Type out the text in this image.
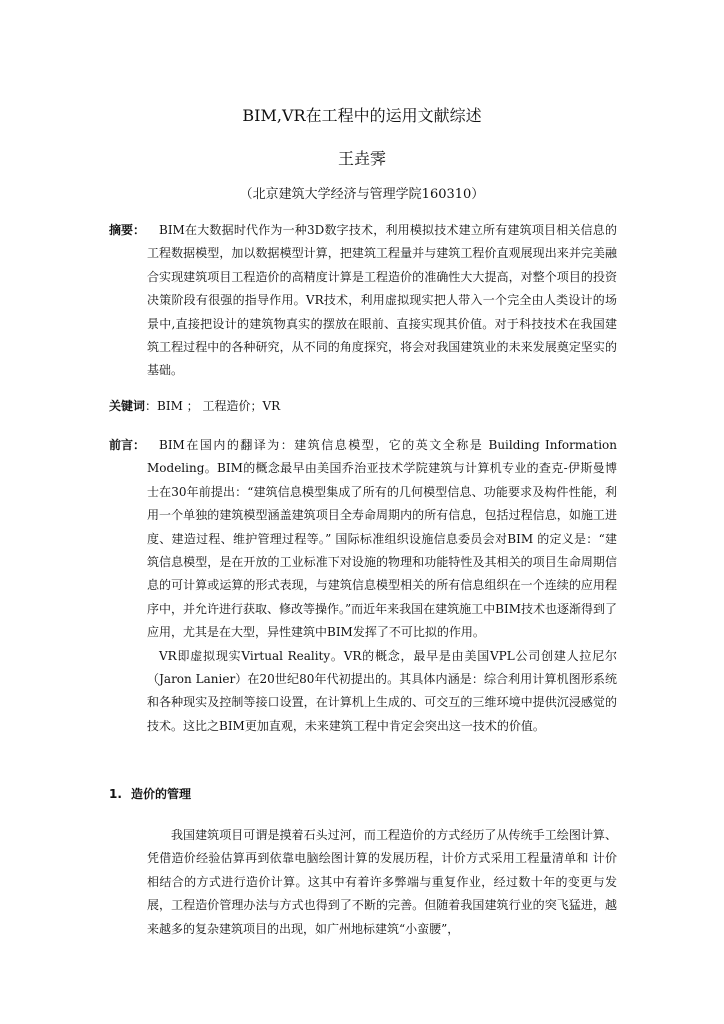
BIM,VR在工程中的运用文献综述
王垚霁
（北京建筑大学经济与管理学院160310）
摘要：	BIM在大数据时代作为一种3D数字技术，利用模拟技术建立所有建筑项目相关信息的工程数据模型，加以数据模型计算，把建筑工程量并与建筑工程价直观展现出来并完美融合实现建筑项目工程造价的高精度计算是工程造价的准确性大大提高，对整个项目的投资决策阶段有很强的指导作用。VR技术，利用虚拟现实把人带入一个完全由人类设计的场景中,直接把设计的建筑物真实的摆放在眼前、直接实现其价值。对于科技技术在我国建筑工程过程中的各种研究，从不同的角度探究，将会对我国建筑业的未来发展奠定坚实的基础。

关键词：BIM ； 工程造价；VR
前言：	BIM在国内的翻译为：建筑信息模型，它的英文全称是 Building Information Modeling。BIM的概念最早由美国乔治亚技术学院建筑与计算机专业的查克-伊斯曼博士在30年前提出：“建筑信息模型集成了所有的几何模型信息、功能要求及构件性能，利用一个单独的建筑模型涵盖建筑项目全寿命周期内的所有信息，包括过程信息，如施工进度、建造过程、维护管理过程等。” 国际标准组织设施信息委员会对BIM 的定义是：“建筑信息模型，是在开放的工业标准下对设施的物理和功能特性及其相关的项目生命周期信息的可计算或运算的形式表现，与建筑信息模型相关的所有信息组织在一个连续的应用程序中，并允许进行获取、修改等操作。”而近年来我国在建筑施工中BIM技术也逐渐得到了应用，尤其是在大型，异性建筑中BIM发挥了不可比拟的作用。

VR即虚拟现实Virtual Reality。VR的概念，最早是由美国VPL公司创建人拉尼尔（Jaron Lanier）在20世纪80年代初提出的。其具体内涵是：综合利用计算机图形系统和各种现实及控制等接口设置，在计算机上生成的、可交互的三维环境中提供沉浸感觉的技术。这比之BIM更加直观，未来建筑工程中肯定会突出这一技术的价值。

1. 造价的管理
我国建筑项目可谓是摸着石头过河，而工程造价的方式经历了从传统手工绘图计算、凭借造价经验估算再到依靠电脑绘图计算的发展历程，计价方式采用工程量清单和 计价相结合的方式进行造价计算。这其中有着许多弊端与重复作业，经过数十年的变更与发展，工程造价管理办法与方式也得到了不断的完善。但随着我国建筑行业的突飞猛进，越来越多的复杂建筑项目的出现，如广州地标建筑“小蛮腰”，
